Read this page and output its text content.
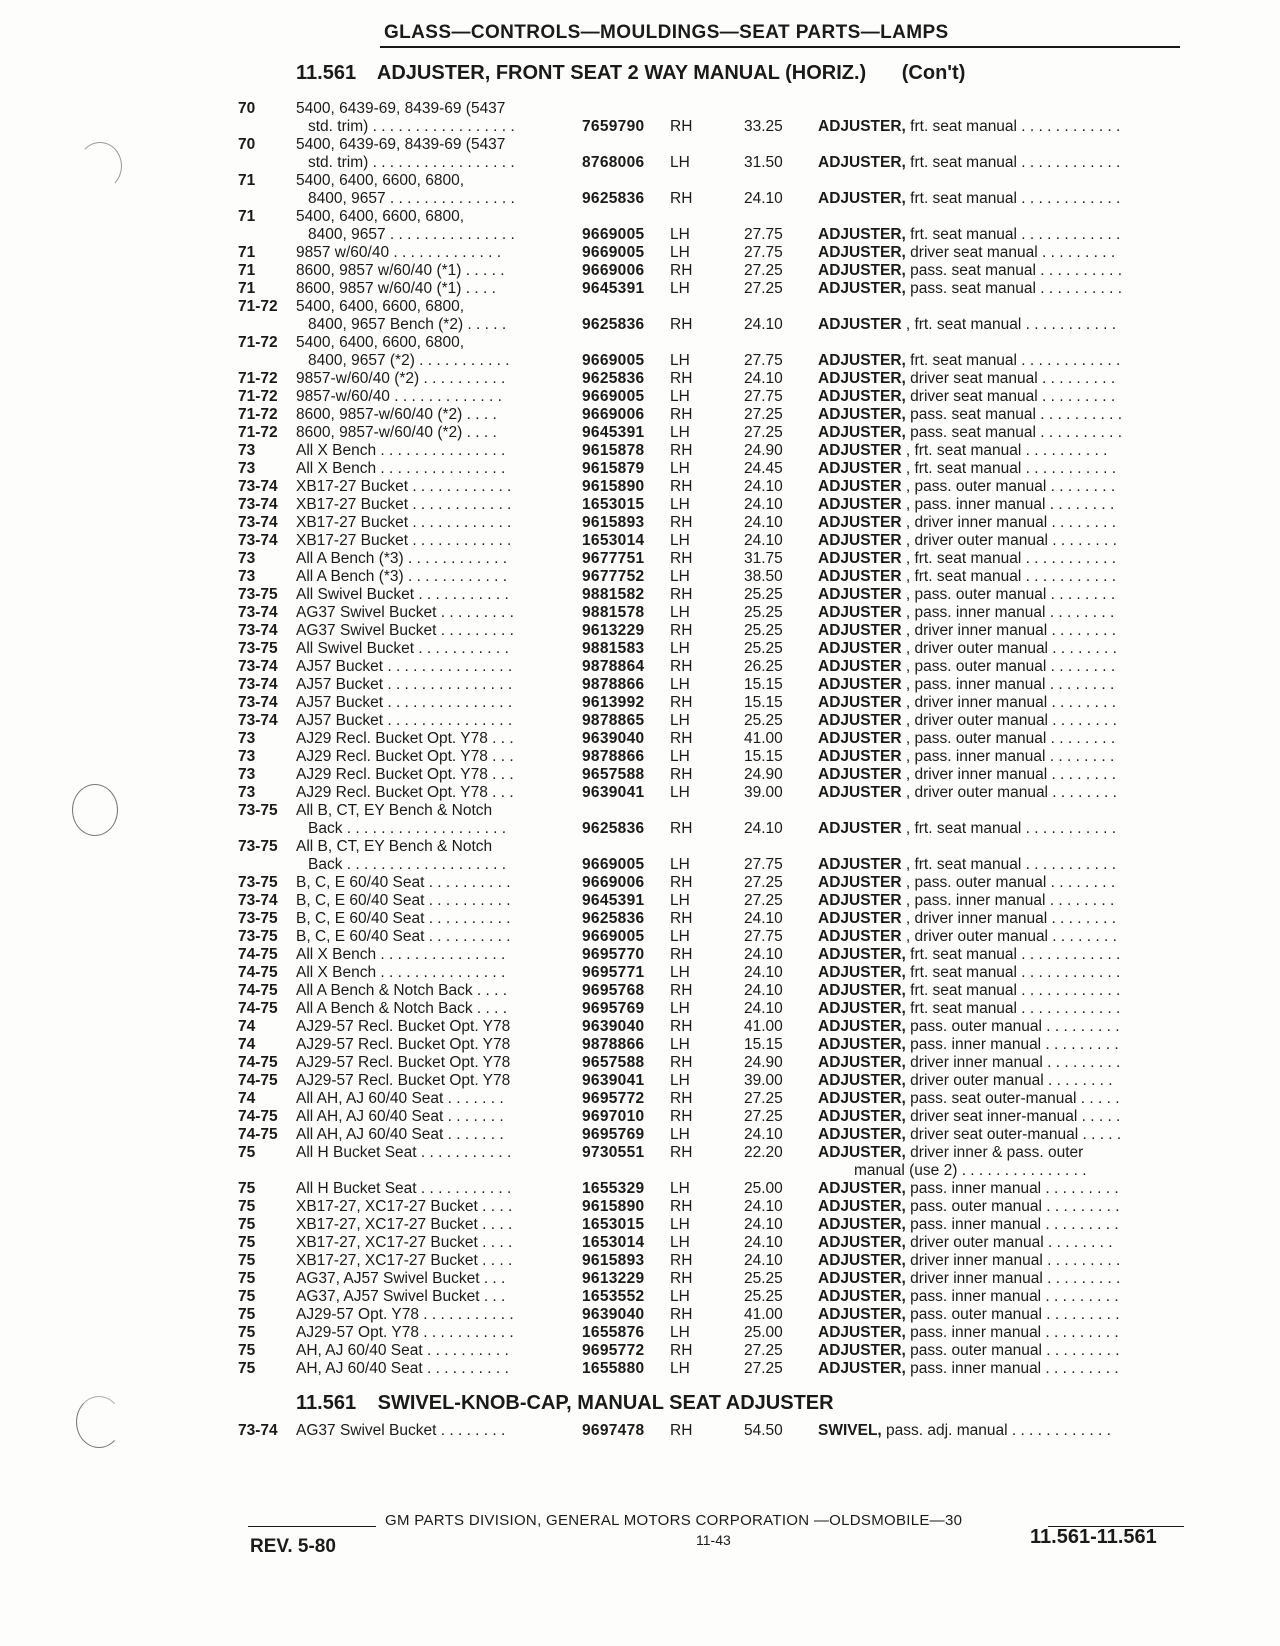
GLASS—CONTROLS—MOULDINGS—SEAT PARTS—LAMPS
11.561 ADJUSTER, FRONT SEAT 2 WAY MANUAL (HORIZ.) (Con't)
70	5400, 6439-69, 8439-69 (5437
std. trim) . . . . . . . . . . . . . . . . .	7659790 RH	33.25 ADJUSTER, frt. seat manual . . . . . . . . . . . .
70	5400, 6439-69, 8439-69 (5437
std. trim) . . . . . . . . . . . . . . . . .	8768006 LH	31.50 ADJUSTER, frt. seat manual . . . . . . . . . . . .
71	5400, 6400, 6600, 6800,
8400, 9657 . . . . . . . . . . . . . . .	9625836 RH	24.10 ADJUSTER, frt. seat manual . . . . . . . . . . . .
71	5400, 6400, 6600, 6800,
8400, 9657 . . . . . . . . . . . . . . .	9669005 LH	27.75 ADJUSTER, frt. seat manual . . . . . . . . . . . .
71	9857 w/60/40 . . . . . . . . . . . . .	9669005 LH	27.75 ADJUSTER, driver seat manual . . . . . . . . .
71	8600, 9857 w/60/40 (*1) . . . . .	9669006 RH	27.25 ADJUSTER, pass. seat manual . . . . . . . . . .
71	8600, 9857 w/60/40 (*1) . . . .	9645391 LH	27.25 ADJUSTER, pass. seat manual . . . . . . . . . .
71-72 5400, 6400, 6600, 6800,
8400, 9657 Bench (*2) . . . . .	9625836 RH	24.10 ADJUSTER , frt. seat manual . . . . . . . . . . .
71-72 5400, 6400, 6600, 6800,
8400, 9657 (*2) . . . . . . . . . . .	9669005 LH	27.75 ADJUSTER, frt. seat manual . . . . . . . . . . . .
71-72 9857-w/60/40 (*2) . . . . . . . . . .	9625836 RH	24.10 ADJUSTER, driver seat manual . . . . . . . . .
71-72 9857-w/60/40 . . . . . . . . . . . . .	9669005 LH	27.75 ADJUSTER, driver seat manual . . . . . . . . .
71-72 8600, 9857-w/60/40 (*2) . . . .	9669006 RH	27.25 ADJUSTER, pass. seat manual . . . . . . . . . .
71-72 8600, 9857-w/60/40 (*2) . . . .	9645391 LH	27.25 ADJUSTER, pass. seat manual . . . . . . . . . .
73	All X Bench . . . . . . . . . . . . . . .	9615878 RH	24.90 ADJUSTER , frt. seat manual . . . . . . . . . .
73	All X Bench . . . . . . . . . . . . . . .	9615879 LH	24.45 ADJUSTER , frt. seat manual . . . . . . . . . . .
73-74 XB17-27 Bucket . . . . . . . . . . . .	9615890 RH	24.10 ADJUSTER , pass. outer manual . . . . . . . .
73-74 XB17-27 Bucket . . . . . . . . . . . .	1653015 LH	24.10 ADJUSTER , pass. inner manual . . . . . . . .
73-74 XB17-27 Bucket . . . . . . . . . . . .	9615893 RH	24.10 ADJUSTER , driver inner manual . . . . . . . .
73-74 XB17-27 Bucket . . . . . . . . . . . .	1653014 LH	24.10 ADJUSTER , driver outer manual . . . . . . . .
73	All A Bench (*3) . . . . . . . . . . . .	9677751 RH	31.75 ADJUSTER , frt. seat manual . . . . . . . . . . .
73	All A Bench (*3) . . . . . . . . . . . .	9677752 LH	38.50 ADJUSTER , frt. seat manual . . . . . . . . . . .
73-75 All Swivel Bucket . . . . . . . . . . .	9881582 RH	25.25 ADJUSTER , pass. outer manual . . . . . . . .
73-74 AG37 Swivel Bucket . . . . . . . . .	9881578 LH	25.25 ADJUSTER , pass. inner manual . . . . . . . .
73-74 AG37 Swivel Bucket . . . . . . . . .	9613229 RH	25.25 ADJUSTER , driver inner manual . . . . . . . .
73-75 All Swivel Bucket . . . . . . . . . . .	9881583 LH	25.25 ADJUSTER , driver outer manual . . . . . . . .
73-74 AJ57 Bucket . . . . . . . . . . . . . . .	9878864 RH	26.25 ADJUSTER , pass. outer manual . . . . . . . .
73-74 AJ57 Bucket . . . . . . . . . . . . . . .	9878866 LH	15.15 ADJUSTER , pass. inner manual . . . . . . . .
73-74 AJ57 Bucket . . . . . . . . . . . . . . .	9613992 RH	15.15 ADJUSTER , driver inner manual . . . . . . . .
73-74 AJ57 Bucket . . . . . . . . . . . . . . .	9878865 LH	25.25 ADJUSTER , driver outer manual . . . . . . . .
73	AJ29 Recl. Bucket Opt. Y78 . . .	9639040 RH	41.00 ADJUSTER , pass. outer manual . . . . . . . .
73	AJ29 Recl. Bucket Opt. Y78 . . .	9878866 LH	15.15 ADJUSTER , pass. inner manual . . . . . . . .
73	AJ29 Recl. Bucket Opt. Y78 . . .	9657588 RH	24.90 ADJUSTER , driver inner manual . . . . . . . .
73	AJ29 Recl. Bucket Opt. Y78 . . .	9639041 LH	39.00 ADJUSTER , driver outer manual . . . . . . . .
73-75 All B, CT, EY Bench & Notch
Back . . . . . . . . . . . . . . . . . . .	9625836 RH	24.10 ADJUSTER , frt. seat manual . . . . . . . . . . .
73-75 All B, CT, EY Bench & Notch
Back . . . . . . . . . . . . . . . . . . .	9669005 LH	27.75 ADJUSTER , frt. seat manual . . . . . . . . . . .
73-75 B, C, E 60/40 Seat . . . . . . . . . .	9669006 RH	27.25 ADJUSTER , pass. outer manual . . . . . . . .
73-74 B, C, E 60/40 Seat . . . . . . . . . .	9645391 LH	27.25 ADJUSTER , pass. inner manual . . . . . . . .
73-75 B, C, E 60/40 Seat . . . . . . . . . .	9625836 RH	24.10 ADJUSTER , driver inner manual . . . . . . . .
73-75 B, C, E 60/40 Seat . . . . . . . . . .	9669005 LH	27.75 ADJUSTER , driver outer manual . . . . . . . .
74-75 All X Bench . . . . . . . . . . . . . . .	9695770 RH	24.10 ADJUSTER, frt. seat manual . . . . . . . . . . . .
74-75 All X Bench . . . . . . . . . . . . . . .	9695771 LH	24.10 ADJUSTER, frt. seat manual . . . . . . . . . . . .
74-75 All A Bench & Notch Back . . . .	9695768 RH	24.10 ADJUSTER, frt. seat manual . . . . . . . . . . . .
74-75 All A Bench & Notch Back . . . .	9695769 LH	24.10 ADJUSTER, frt. seat manual . . . . . . . . . . . .
74	AJ29-57 Recl. Bucket Opt. Y78	9639040 RH	41.00 ADJUSTER, pass. outer manual . . . . . . . . .
74	AJ29-57 Recl. Bucket Opt. Y78	9878866 LH	15.15 ADJUSTER, pass. inner manual . . . . . . . . .
74-75 AJ29-57 Recl. Bucket Opt. Y78	9657588 RH	24.90 ADJUSTER, driver inner manual . . . . . . . . .
74-75 AJ29-57 Recl. Bucket Opt. Y78	9639041 LH	39.00 ADJUSTER, driver outer manual . . . . . . . .
74	All AH, AJ 60/40 Seat . . . . . . .	9695772 RH	27.25 ADJUSTER, pass. seat outer-manual . . . . .
74-75 All AH, AJ 60/40 Seat . . . . . . .	9697010 RH	27.25 ADJUSTER, driver seat inner-manual . . . . .
74-75 All AH, AJ 60/40 Seat . . . . . . .	9695769 LH	24.10 ADJUSTER, driver seat outer-manual . . . . .
75	All H Bucket Seat . . . . . . . . . . .	9730551 RH	22.20 ADJUSTER, driver inner & pass. outer
manual (use 2) . . . . . . . . . . . . . . .
75	All H Bucket Seat . . . . . . . . . . .	1655329 LH	25.00 ADJUSTER, pass. inner manual . . . . . . . . .
75	XB17-27, XC17-27 Bucket . . . .	9615890 RH	24.10 ADJUSTER, pass. outer manual . . . . . . . . .
75	XB17-27, XC17-27 Bucket . . . .	1653015 LH	24.10 ADJUSTER, pass. inner manual . . . . . . . . .
75	XB17-27, XC17-27 Bucket . . . .	1653014 LH	24.10 ADJUSTER, driver outer manual . . . . . . . .
75	XB17-27, XC17-27 Bucket . . . .	9615893 RH	24.10 ADJUSTER, driver inner manual . . . . . . . . .
75	AG37, AJ57 Swivel Bucket . . .	9613229 RH	25.25 ADJUSTER, driver inner manual . . . . . . . . .
75	AG37, AJ57 Swivel Bucket . . .	1653552 LH	25.25 ADJUSTER, pass. inner manual . . . . . . . . .
75	AJ29-57 Opt. Y78 . . . . . . . . . . .	9639040 RH	41.00 ADJUSTER, pass. outer manual . . . . . . . . .
75	AJ29-57 Opt. Y78 . . . . . . . . . . .	1655876 LH	25.00 ADJUSTER, pass. inner manual . . . . . . . . .
75	AH, AJ 60/40 Seat . . . . . . . . . .	9695772 RH	27.25 ADJUSTER, pass. outer manual . . . . . . . . .
75	AH, AJ 60/40 Seat . . . . . . . . . .	1655880 LH	27.25 ADJUSTER, pass. inner manual . . . . . . . . .
11.561 SWIVEL-KNOB-CAP, MANUAL SEAT ADJUSTER
73-74 AG37 Swivel Bucket . . . . . . . .	9697478 RH	54.50 SWIVEL, pass. adj. manual . . . . . . . . . . . .
GM PARTS DIVISION, GENERAL MOTORS CORPORATION —OLDSMOBILE—30
REV. 5-80	11-43	11.561-11.561
